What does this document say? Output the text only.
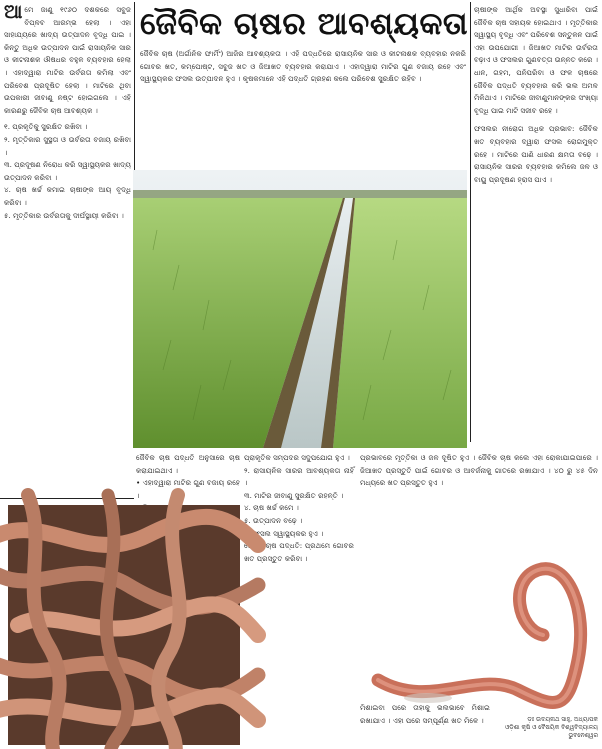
ଜୈବିକ ଚାଷର ଆବଶ୍ୟକତା
ଆ ମେ ଜାଣୁ ୧୯୬୦ ଦଶକରେ ସବୁଜ ବିପ୍ଳବ ଆରମ୍ଭ ହେଲା । ଏହା ସାହାଯ୍ୟରେ ଖାଦ୍ୟ ଉତ୍ପାଦନ ବୃଦ୍ଧି ପାଇ । କିନ୍ତୁ ଅଧିକ ଉତ୍ପାଦନ ପାଇଁ ରାସାୟନିକ ସାର ଓ କୀଟନାଶକ ଔଷଧର ବହୁଳ ବ୍ୟବହାର ହେଲା । ଏହାଦ୍ୱାରା ମାଟିର ଉର୍ବରତା କମିଲା ଏବଂ ପରିବେଶ ପ୍ରଦୂଷିତ ହେଲା । ମାଟିରେ ଥିବା ଉପକାରୀ ଜୀବାଣୁ ନଷ୍ଟ ହୋଇଗଲେ । ଏହି କାରଣରୁ ଜୈବିକ ଚାଷ ଆବଶ୍ୟକ ।

୧. ପ୍ରକୃତିକୁ ସୁରକ୍ଷିତ ରଖିବା ।

୨. ମୃତ୍ତିକାର ସୁସ୍ଥତା ଓ ଉର୍ବରତା ବଜାୟ ରଖିବା ।

୩. ପ୍ରଦୂଷଣ ନିରୋଧ କରି ସ୍ୱାସ୍ଥ୍ୟକର ଖାଦ୍ୟ ଉତ୍ପାଦନ କରିବା ।

୪. ଚାଷ ଖର୍ଚ୍ଚ କମାଇ ଚାଷୀଙ୍କ ଆୟ ବୃଦ୍ଧି କରିବା ।

୫. ମୃତ୍ତିକାର ଉର୍ବରତାକୁ ଦୀର୍ଘସ୍ଥାୟୀ କରିବା ।

ଜୈବିକ ଚାଷ (ଅର୍ଗାନିକ ଫାର୍ମିଂ) ଆଜିର ଆବଶ୍ୟକତା । ଏହି ପଦ୍ଧତିରେ ରାସାୟନିକ ସାର ଓ କୀଟନାଶକ ବ୍ୟବହାର ନକରି ଗୋବର ଖତ, କମ୍ପୋଷ୍ଟ, ସବୁଜ ଖତ ଓ ଜିଆଖତ ବ୍ୟବହାର କରାଯାଏ । ଏହାଦ୍ୱାରା ମାଟିର ଗୁଣ ବଜାୟ ରହେ ଏବଂ ସ୍ୱାସ୍ଥ୍ୟକର ଫସଲ ଉତ୍ପାଦନ ହୁଏ । କୃଷକମାନେ ଏହି ପଦ୍ଧତି ଗ୍ରହଣ କଲେ ପରିବେଶ ସୁରକ୍ଷିତ ରହିବ ।

ଚାଷୀଙ୍କ ଆର୍ଥିକ ଅବସ୍ଥା ସୁଧାରିବା ପାଇଁ ଜୈବିକ ଚାଷ ସହାୟକ ହୋଇଥାଏ । ମୃତ୍ତିକାର ସ୍ୱାସ୍ଥ୍ୟ ବୃଦ୍ଧି ଏବଂ ପରିବେଶ ସନ୍ତୁଳନ ପାଇଁ ଏହା ଉପଯୋଗୀ । ଜିଆଖତ ମାଟିର ଉର୍ବରତା ବଢ଼ାଏ ଓ ଫସଲର ଗୁଣବତ୍ତା ଉନ୍ନତ କରେ । ଧାନ, ଗହମ, ପନିପରିବା ଓ ଫଳ ଚାଷରେ ଜୈବିକ ପଦ୍ଧତି ବ୍ୟବହାର କରି ଭଲ ଅମଳ ମିଳିଥାଏ । ମାଟିରେ ଜୀବାଣୁମାନଙ୍କର ସଂଖ୍ୟା ବୃଦ୍ଧି ପାଇ ମାଟି ସଜୀବ ରହେ ।

ଫସଲର ନୀରୋଗ ଅଧିକ ପ୍ରଭାବ: ଜୈବିକ ଖତ ବ୍ୟବହାର ଦ୍ୱାରା ଫସଲ ରୋଗମୁକ୍ତ ରହେ । ମାଟିରେ ପାଣି ଧାରଣ କ୍ଷମତା ବଢ଼େ । ରାସାୟନିକ ସାରର ବ୍ୟବହାର କମିଲେ ଜଳ ଓ ବାୟୁ ପ୍ରଦୂଷଣ ହ୍ରାସ ପାଏ ।

ଜୈବିକ ଚାଷ ପଦ୍ଧତି ଅନୁସାରେ ଚାଷ କରାଯାଇଥାଏ ।
• ଏହାଦ୍ୱାରା ମାଟିର ଗୁଣ ବଜାୟ ରହେ ।

ପ୍ରାକୃତିକ ସମ୍ପଦର ସଦୁପଯୋଗ ହୁଏ ।
୨. ରାସାୟନିକ ସାରର ଆବଶ୍ୟକତା ନାହିଁ ।
୩. ମାଟିର ଜୀବାଣୁ ସୁରକ୍ଷିତ ରହନ୍ତି ।
୪. ଚାଷ ଖର୍ଚ୍ଚ କମେ ।
୫. ଉତ୍ପାଦନ ବଢ଼େ ।
୬. ଫସଲ ସ୍ୱାସ୍ଥ୍ୟକର ହୁଏ ।
ଜୈବିକ ଚାଷ ପଦ୍ଧତି: ପ୍ରଥମେ ଗୋବର ଖତ ପ୍ରସ୍ତୁତ କରିବା ।

ପ୍ରଭାବରେ ମୃତ୍ତିକା ଓ ଜଳ ଦୂଷିତ ହୁଏ । ଜୈବିକ ଚାଷ କଲେ ଏହା ରୋକାଯାଇପାରେ । ଜିଆଖତ ପ୍ରସ୍ତୁତି ପାଇଁ ଗୋବର ଓ ଆବର୍ଜନାକୁ ଗାତରେ ରଖାଯାଏ । ୪୦ ରୁ ୪୫ ଦିନ ମଧ୍ୟରେ ଖତ ପ୍ରସ୍ତୁତ ହୁଏ ।

ମିଶାଇବା ପରେ ତାହାକୁ ଭଲଭାବେ ମିଶାଇ ରଖାଯାଏ । ଏହା ପରେ ସମ୍ପୂର୍ଣ୍ଣ ଖତ ମିଳେ ।	ଡ଼ଃ ଉଦୟନାଥ ସାହୁ, ଅଧ୍ୟାପକ
ଓଡ଼ିଶା କୃଷି ଓ ବୈଷୟିକ ବିଶ୍ୱବିଦ୍ୟାଳୟ
ଭୁବନେଶ୍ୱର
